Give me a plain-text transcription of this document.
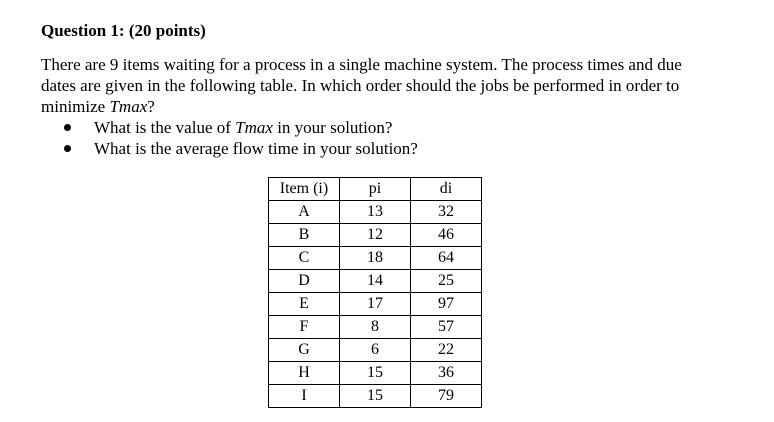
Question 1: (20 points)
There are 9 items waiting for a process in a single machine system. The process times and due
dates are given in the following table. In which order should the jobs be performed in order to
minimize Tmax?
What is the value of Tmax in your solution?
What is the average flow time in your solution?
Item (i)	pi	di
A	13	32
B	12	46
C	18	64
D	14	25
E	17	97
F	8	57
G	6	22
H	15	36
I	15	79
